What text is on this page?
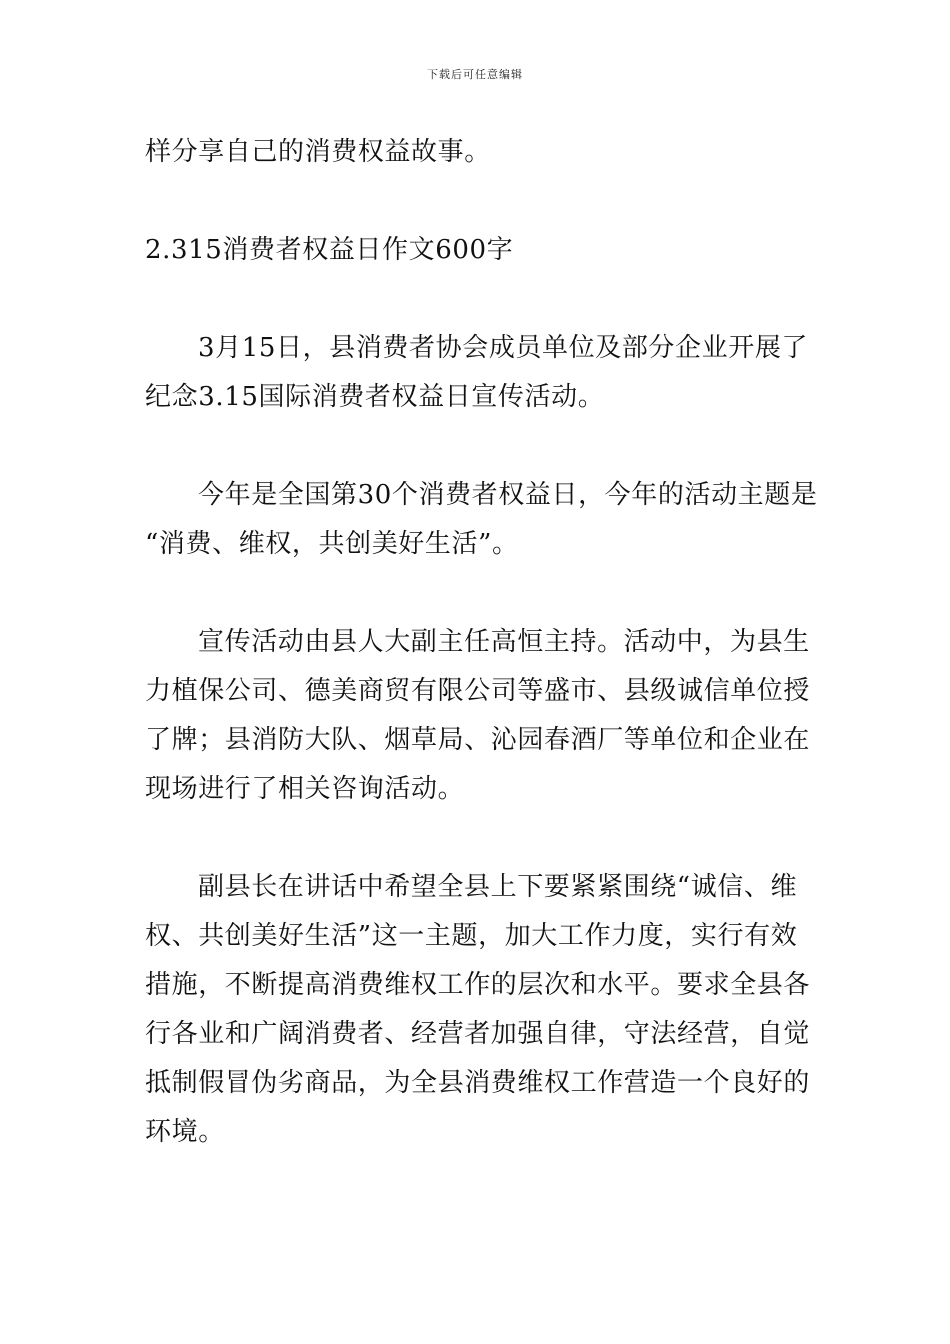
下载后可任意编辑
样分享自己的消费权益故事。
2.315消费者权益日作文600字
3月15日，县消费者协会成员单位及部分企业开展了
纪念3.15国际消费者权益日宣传活动。
今年是全国第30个消费者权益日，今年的活动主题是
“消费、维权，共创美好生活”。
宣传活动由县人大副主任高恒主持。活动中，为县生
力植保公司、德美商贸有限公司等盛市、县级诚信单位授
了牌；县消防大队、烟草局、沁园春酒厂等单位和企业在
现场进行了相关咨询活动。
副县长在讲话中希望全县上下要紧紧围绕“诚信、维
权、共创美好生活”这一主题，加大工作力度，实行有效
措施，不断提高消费维权工作的层次和水平。要求全县各
行各业和广阔消费者、经营者加强自律，守法经营，自觉
抵制假冒伪劣商品，为全县消费维权工作营造一个良好的
环境。
